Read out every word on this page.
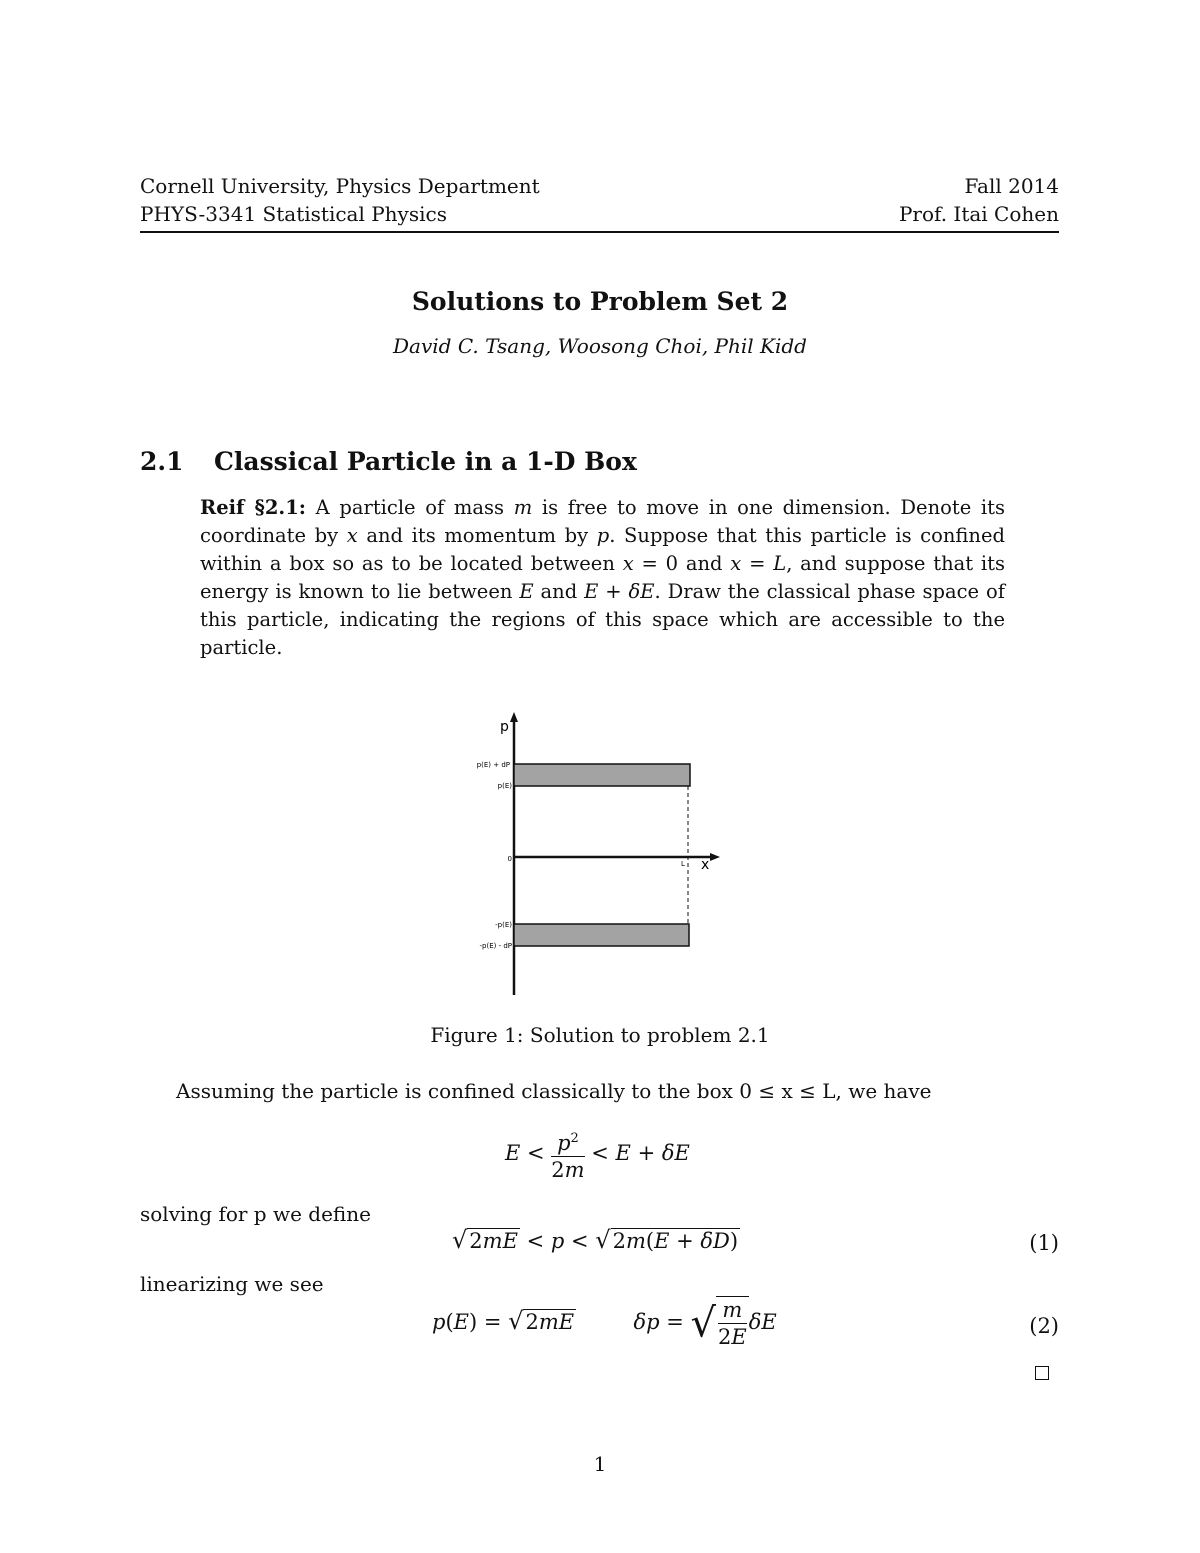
Cornell University, Physics Department
PHYS-3341 Statistical Physics
Fall 2014
Prof. Itai Cohen
Solutions to Problem Set 2
David C. Tsang, Woosong Choi, Phil Kidd
2.1 Classical Particle in a 1-D Box
Reif §2.1: A particle of mass m is free to move in one dimension. Denote its coordinate by x and its momentum by p. Suppose that this particle is confined within a box so as to be located between x = 0 and x = L, and suppose that its energy is known to lie between E and E + δE. Draw the classical phase space of this particle, indicating the regions of this space which are accessible to the particle.
p
x
p(E) + dP
p(E)
0
L
-p(E)
-p(E) - dP
Figure 1: Solution to problem 2.1
Assuming the particle is confined classically to the box 0 ≤ x ≤ L, we have
$E < \frac{p^2}{2m} < E + \delta E$
solving for p we define
√2mE < p < √2m(E + δD)	(1)
linearizing we see
p(E) = √2mE	δp = √ $\frac{m}{2E}$ δE	(2)
1
